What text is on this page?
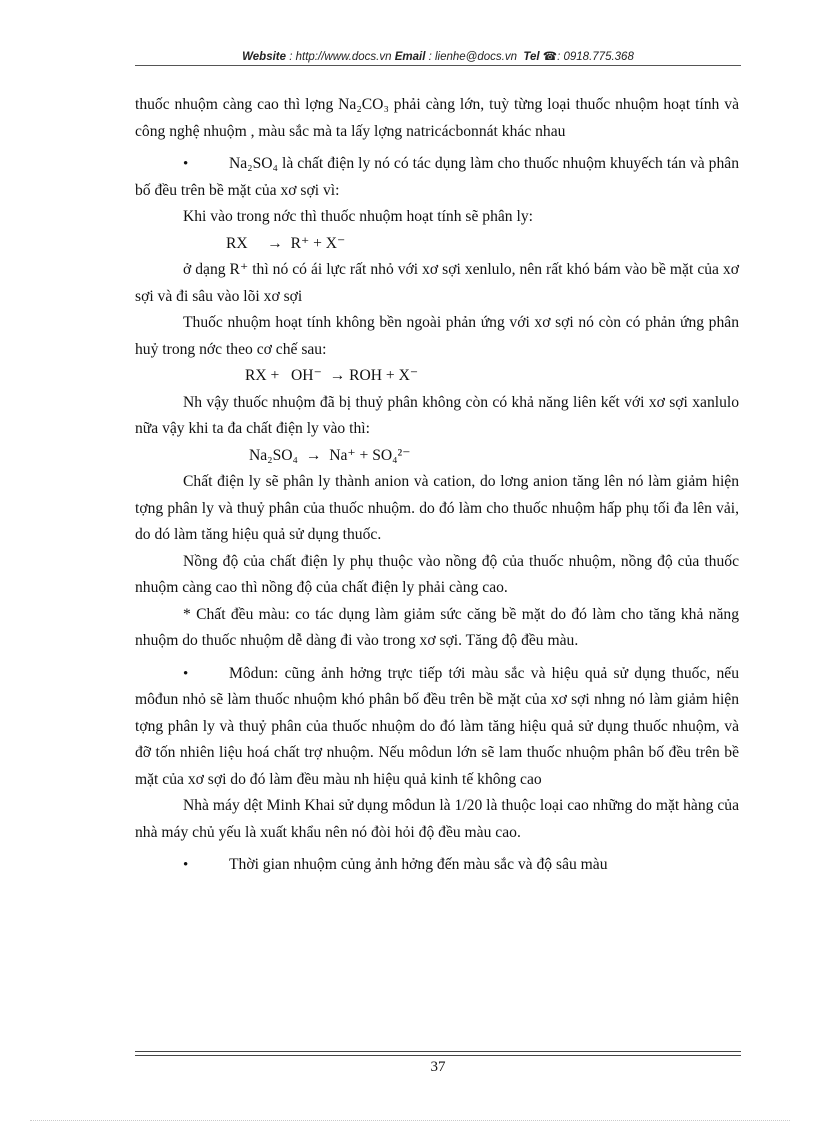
Website : http://www.docs.vn Email : lienhe@docs.vn Tel ☎: 0918.775.368

thuốc nhuộm càng cao thì lợng Na₂CO₃ phải càng lớn, tuỳ từng loại thuốc nhuộm hoạt tính và công nghệ nhuộm , màu sắc mà ta lấy lợng natricácbonnát khác nhau

•	Na₂SO₄ là chất điện ly nó có tác dụng làm cho thuốc nhuộm khuyếch tán và phân bố đều trên bề mặt của xơ sợi vì:

Khi vào trong nớc thì thuốc nhuộm hoạt tính sẽ phân ly:

RX → R⁺ + X⁻

ở dạng R⁺ thì nó có ái lực rất nhỏ với xơ sợi xenlulo, nên rất khó bám vào bề mặt của xơ sợi và đi sâu vào lõi xơ sợi

Thuốc nhuộm hoạt tính không bền ngoài phản ứng với xơ sợi nó còn có phản ứng phân huỷ trong nớc theo cơ chế sau:

RX +   OH⁻ → ROH + X⁻

Nh vậy thuốc nhuộm đã bị thuỷ phân không còn có khả năng liên kết với xơ sợi xanlulo nữa vậy khi ta đa chất điện ly vào thì:

Na₂SO₄ → Na⁺ + SO₄²⁻

Chất điện ly sẽ phân ly thành anion và cation, do lơng anion tăng lên nó làm giảm hiện tợng phân ly và thuỷ phân của thuốc nhuộm. do đó làm cho thuốc nhuộm hấp phụ tối đa lên vải, do dó làm tăng hiệu quả sử dụng thuốc.

Nồng độ của chất điện ly phụ thuộc vào nồng độ của thuốc nhuộm, nồng độ của thuốc nhuộm càng cao thì nồng độ của chất điện ly phải càng cao.

* Chất đều màu: co tác dụng làm giảm sức căng bề mặt do đó làm cho tăng khả năng nhuộm do thuốc nhuộm dễ dàng đi vào trong xơ sợi. Tăng độ đều màu.

•	Môdun: cũng ảnh hởng trực tiếp tới màu sắc và hiệu quả sử dụng thuốc, nếu môđun nhỏ sẽ làm thuốc nhuộm khó phân bố đều trên bề mặt của xơ sợi nhng nó làm giảm hiện tợng phân ly và thuỷ phân của thuốc nhuộm do đó làm tăng hiệu quả sử dụng thuốc nhuộm, và đỡ tốn nhiên liệu hoá chất trợ nhuộm. Nếu môdun lớn sẽ lam thuốc nhuộm phân bố đều trên bề mặt của xơ sợi do đó làm đều màu nh hiệu quả kinh tế không cao

Nhà máy dệt Minh Khai sử dụng môdun là 1/20 là thuộc loại cao những do mặt hàng của nhà máy chủ yếu là xuất khẩu nên nó đòi hỏi độ đều màu cao.

•	Thời gian nhuộm củng ảnh hởng đến màu sắc và độ sâu màu

37
